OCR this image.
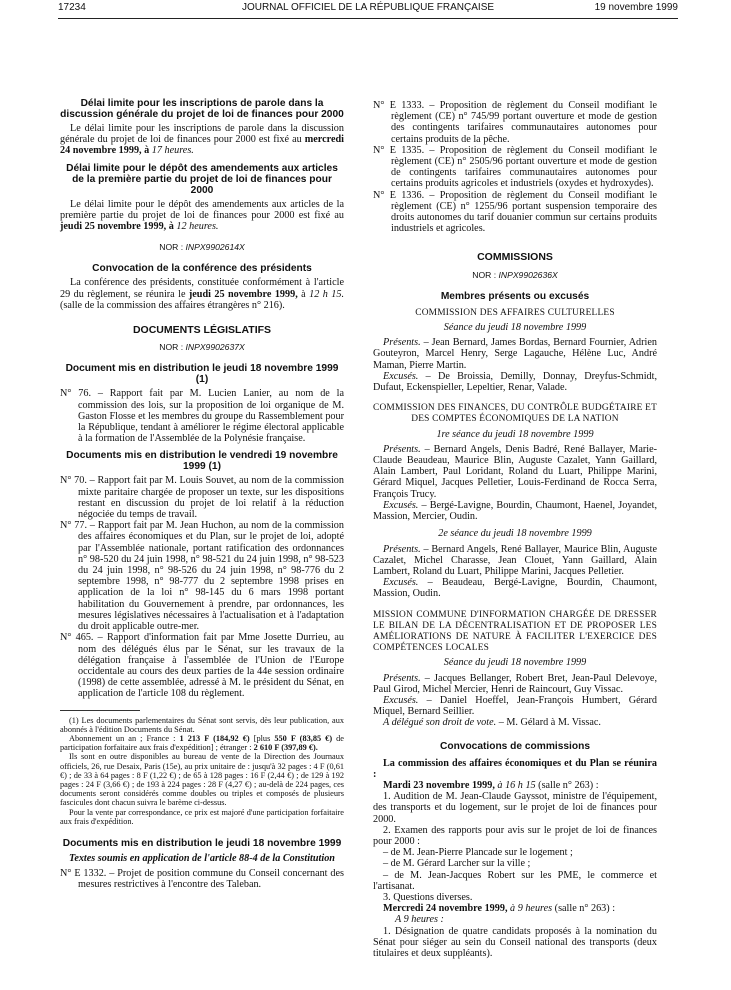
17234	JOURNAL OFFICIEL DE LA RÉPUBLIQUE FRANÇAISE	19 novembre 1999
Délai limite pour les inscriptions de parole dans la discussion générale du projet de loi de finances pour 2000

Le délai limite pour les inscriptions de parole dans la discussion générale du projet de loi de finances pour 2000 est fixé au mercredi 24 novembre 1999, à 17 heures.

Délai limite pour le dépôt des amendements aux articles de la première partie du projet de loi de finances pour 2000

Le délai limite pour le dépôt des amendements aux articles de la première partie du projet de loi de finances pour 2000 est fixé au jeudi 25 novembre 1999, à 12 heures.

NOR : INPX9902614X
Convocation de la conférence des présidents

La conférence des présidents, constituée conformément à l'article 29 du règlement, se réunira le jeudi 25 novembre 1999, à 12 h 15. (salle de la commission des affaires étrangères n° 216).

DOCUMENTS LÉGISLATIFS
NOR : INPX9902637X
Document mis en distribution le jeudi 18 novembre 1999 (1)

N° 76. – Rapport fait par M. Lucien Lanier, au nom de la commission des lois, sur la proposition de loi organique de M. Gaston Flosse et les membres du groupe du Rassemblement pour la République, tendant à améliorer le régime électoral applicable à la formation de l'Assemblée de la Polynésie française.

Documents mis en distribution le vendredi 19 novembre 1999 (1)

N° 70. – Rapport fait par M. Louis Souvet, au nom de la commission mixte paritaire chargée de proposer un texte, sur les dispositions restant en discussion du projet de loi relatif à la réduction négociée du temps de travail.

N° 77. – Rapport fait par M. Jean Huchon, au nom de la commission des affaires économiques et du Plan, sur le projet de loi, adopté par l'Assemblée nationale, portant ratification des ordonnances n° 98-520 du 24 juin 1998, n° 98-521 du 24 juin 1998, n° 98-523 du 24 juin 1998, n° 98-526 du 24 juin 1998, n° 98-776 du 2 septembre 1998, n° 98-777 du 2 septembre 1998 prises en application de la loi n° 98-145 du 6 mars 1998 portant habilitation du Gouvernement à prendre, par ordonnances, les mesures législatives nécessaires à l'actualisation et à l'adaptation du droit applicable outre-mer.

N° 465. – Rapport d'information fait par Mme Josette Durrieu, au nom des délégués élus par le Sénat, sur les travaux de la délégation française à l'assemblée de l'Union de l'Europe occidentale au cours des deux parties de la 44e session ordinaire (1998) de cette assemblée, adressé à M. le président du Sénat, en application de l'article 108 du règlement.

(1) Les documents parlementaires du Sénat sont servis, dès leur publication, aux abonnés à l'édition Documents du Sénat.

Abonnement un an ; France : 1 213 F (184,92 €) [plus 550 F (83,85 €) de participation forfaitaire aux frais d'expédition] ; étranger : 2 610 F (397,89 €).

Ils sont en outre disponibles au bureau de vente de la Direction des Journaux officiels, 26, rue Desaix, Paris (15e), au prix unitaire de : jusqu'à 32 pages : 4 F (0,61 €) ; de 33 à 64 pages : 8 F (1,22 €) ; de 65 à 128 pages : 16 F (2,44 €) ; de 129 à 192 pages : 24 F (3,66 €) ; de 193 à 224 pages : 28 F (4,27 €) ; au-delà de 224 pages, ces documents seront considérés comme doubles ou triples et composés de plusieurs fascicules dont chacun suivra le barème ci-dessus.

Pour la vente par correspondance, ce prix est majoré d'une participation forfaitaire aux frais d'expédition.

Documents mis en distribution le jeudi 18 novembre 1999
Textes soumis en application de l'article 88-4 de la Constitution

N° E 1332. – Projet de position commune du Conseil concernant des mesures restrictives à l'encontre des Taleban.

N° E 1333. – Proposition de règlement du Conseil modifiant le règlement (CE) n° 745/99 portant ouverture et mode de gestion des contingents tarifaires communautaires autonomes pour certains produits de la pêche.

N° E 1335. – Proposition de règlement du Conseil modifiant le règlement (CE) n° 2505/96 portant ouverture et mode de gestion de contingents tarifaires communautaires autonomes pour certains produits agricoles et industriels (oxydes et hydroxydes).

N° E 1336. – Proposition de règlement du Conseil modifiant le règlement (CE) n° 1255/96 portant suspension temporaire des droits autonomes du tarif douanier commun sur certains produits industriels et agricoles.

COMMISSIONS
NOR : INPX9902636X
Membres présents ou excusés
COMMISSION DES AFFAIRES CULTURELLES
Séance du jeudi 18 novembre 1999

Présents. – Jean Bernard, James Bordas, Bernard Fournier, Adrien Gouteyron, Marcel Henry, Serge Lagauche, Hélène Luc, André Maman, Pierre Martin.

Excusés. – De Broissia, Demilly, Donnay, Dreyfus-Schmidt, Dufaut, Eckenspieller, Lepeltier, Renar, Valade.

COMMISSION DES FINANCES, DU CONTRÔLE BUDGÉTAIRE ET DES COMPTES ÉCONOMIQUES DE LA NATION
1re séance du jeudi 18 novembre 1999

Présents. – Bernard Angels, Denis Badré, René Ballayer, Marie-Claude Beaudeau, Maurice Blin, Auguste Cazalet, Yann Gaillard, Alain Lambert, Paul Loridant, Roland du Luart, Philippe Marini, Gérard Miquel, Jacques Pelletier, Louis-Ferdinand de Rocca Serra, François Trucy.

Excusés. – Bergé-Lavigne, Bourdin, Chaumont, Haenel, Joyandet, Massion, Mercier, Oudin.

2e séance du jeudi 18 novembre 1999

Présents. – Bernard Angels, René Ballayer, Maurice Blin, Auguste Cazalet, Michel Charasse, Jean Clouet, Yann Gaillard, Alain Lambert, Roland du Luart, Philippe Marini, Jacques Pelletier.

Excusés. – Beaudeau, Bergé-Lavigne, Bourdin, Chaumont, Massion, Oudin.

MISSION COMMUNE D'INFORMATION CHARGÉE DE DRESSER LE BILAN DE LA DÉCENTRALISATION ET DE PROPOSER LES AMÉLIORATIONS DE NATURE À FACILITER L'EXERCICE DES COMPÉTENCES LOCALES
Séance du jeudi 18 novembre 1999

Présents. – Jacques Bellanger, Robert Bret, Jean-Paul Delevoye, Paul Girod, Michel Mercier, Henri de Raincourt, Guy Vissac.

Excusés. – Daniel Hoeffel, Jean-François Humbert, Gérard Miquel, Bernard Seillier.

A délégué son droit de vote. – M. Gélard à M. Vissac.

Convocations de commissions

La commission des affaires économiques et du Plan se réunira :

Mardi 23 novembre 1999, à 16 h 15 (salle n° 263) :

1. Audition de M. Jean-Claude Gayssot, ministre de l'équipement, des transports et du logement, sur le projet de loi de finances pour 2000.

2. Examen des rapports pour avis sur le projet de loi de finances pour 2000 :

– de M. Jean-Pierre Plancade sur le logement ;

– de M. Gérard Larcher sur la ville ;

– de M. Jean-Jacques Robert sur les PME, le commerce et l'artisanat.

3. Questions diverses.

Mercredi 24 novembre 1999, à 9 heures (salle n° 263) :

A 9 heures :

1. Désignation de quatre candidats proposés à la nomination du Sénat pour siéger au sein du Conseil national des transports (deux titulaires et deux suppléants).
